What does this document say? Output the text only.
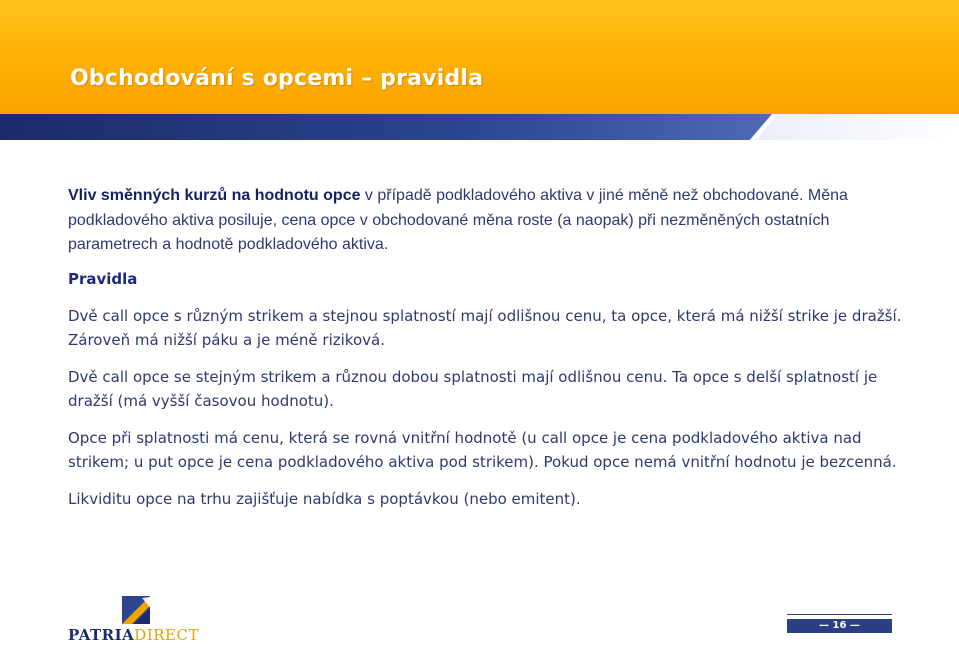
Obchodování s opcemi – pravidla

Vliv směnných kurzů na hodnotu opce v případě podkladového aktiva v jiné měně než obchodované. Měna podkladového aktiva posiluje, cena opce v obchodované měna roste (a naopak) při nezměněných ostatních parametrech a hodnotě podkladového aktiva.

Pravidla

Dvě call opce s různým strikem a stejnou splatností mají odlišnou cenu, ta opce, která má nižší strike je dražší. Zároveň má nižší páku a je méně riziková.

Dvě call opce se stejným strikem a různou dobou splatnosti mají odlišnou cenu. Ta opce s delší splatností je dražší (má vyšší časovou hodnotu).

Opce při splatnosti má cenu, která se rovná vnitřní hodnotě (u call opce je cena podkladového aktiva nad strikem; u put opce je cena podkladového aktiva pod strikem). Pokud opce nemá vnitřní hodnotu je bezcenná.

Likviditu opce na trhu zajišťuje nabídka s poptávkou (nebo emitent).

PATRIADIRECT
— 16 —
